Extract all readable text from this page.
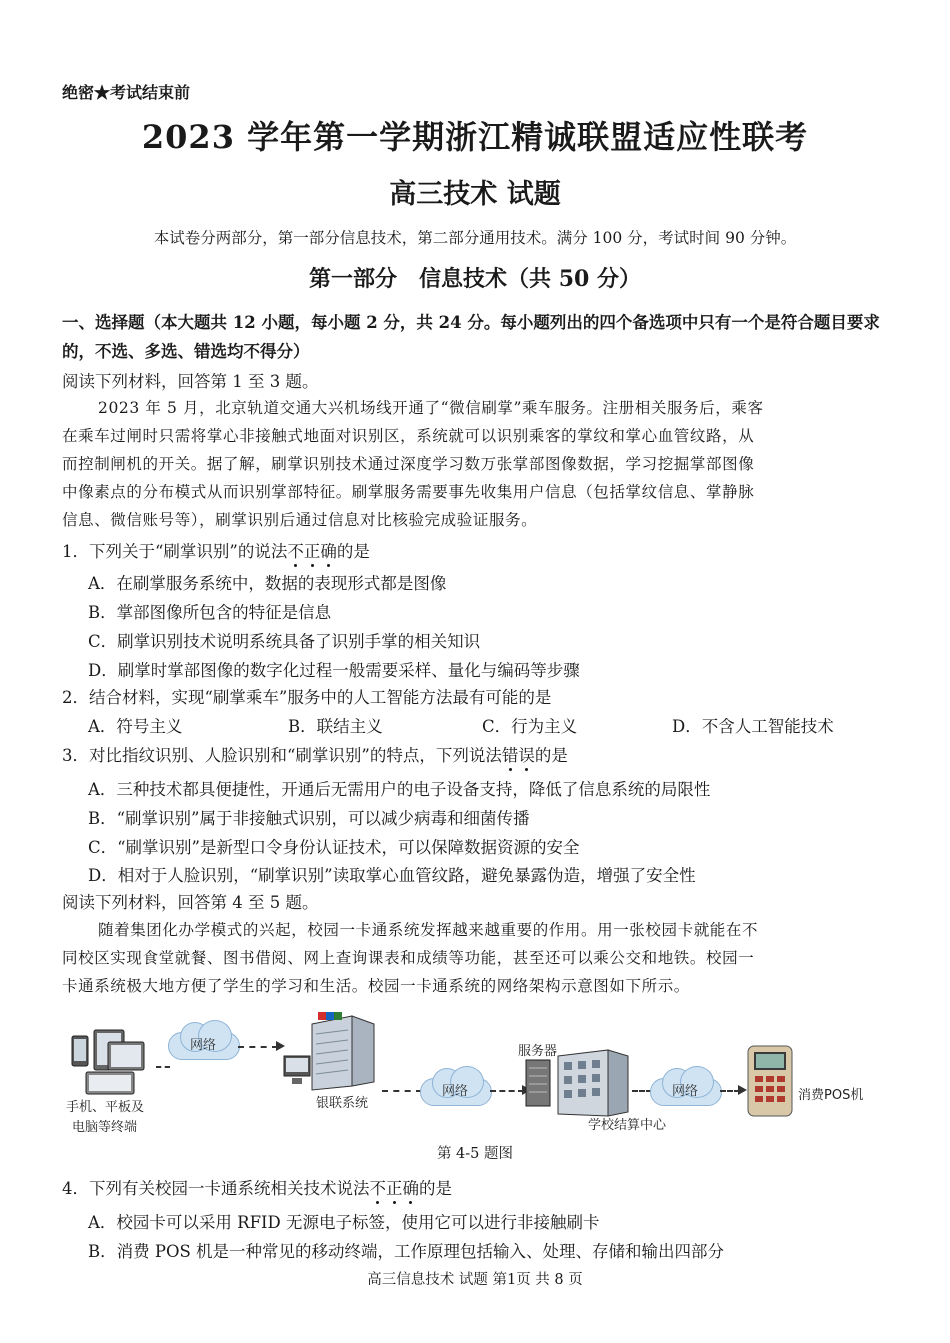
绝密★考试结束前
2023 学年第一学期浙江精诚联盟适应性联考
高三技术 试题
本试卷分两部分，第一部分信息技术，第二部分通用技术。满分 100 分，考试时间 90 分钟。
第一部分　信息技术（共 50 分）
一、选择题（本大题共 12 小题，每小题 2 分，共 24 分。每小题列出的四个备选项中只有一个是符合题目要求的，不选、多选、错选均不得分）
阅读下列材料，回答第 1 至 3 题。
2023 年 5 月，北京轨道交通大兴机场线开通了“微信刷掌”乘车服务。注册相关服务后，乘客
在乘车过闸时只需将掌心非接触式地面对识别区，系统就可以识别乘客的掌纹和掌心血管纹路，从
而控制闸机的开关。据了解，刷掌识别技术通过深度学习数万张掌部图像数据，学习挖掘掌部图像
中像素点的分布模式从而识别掌部特征。刷掌服务需要事先收集用户信息（包括掌纹信息、掌静脉
信息、微信账号等），刷掌识别后通过信息对比核验完成验证服务。
1．下列关于“刷掌识别”的说法不正确的是
A．在刷掌服务系统中，数据的表现形式都是图像
B．掌部图像所包含的特征是信息
C．刷掌识别技术说明系统具备了识别手掌的相关知识
D．刷掌时掌部图像的数字化过程一般需要采样、量化与编码等步骤
2．结合材料，实现“刷掌乘车”服务中的人工智能方法最有可能的是
A．符号主义	B．联结主义	C．行为主义	D．不含人工智能技术
3．对比指纹识别、人脸识别和“刷掌识别”的特点，下列说法错误的是
A．三种技术都具便捷性，开通后无需用户的电子设备支持，降低了信息系统的局限性
B．“刷掌识别”属于非接触式识别，可以减少病毒和细菌传播
C．“刷掌识别”是新型口令身份认证技术，可以保障数据资源的安全
D．相对于人脸识别，“刷掌识别”读取掌心血管纹路，避免暴露伪造，增强了安全性
阅读下列材料，回答第 4 至 5 题。
随着集团化办学模式的兴起，校园一卡通系统发挥越来越重要的作用。用一张校园卡就能在不
同校区实现食堂就餐、图书借阅、网上查询课表和成绩等功能，甚至还可以乘公交和地铁。校园一
卡通系统极大地方便了学生的学习和生活。校园一卡通系统的网络架构示意图如下所示。
手机、平板及
电脑等终端
网络
银联系统
网络
服务器
学校结算中心
网络	消费POS机
第 4-5 题图
4．下列有关校园一卡通系统相关技术说法不正确的是
A．校园卡可以采用 RFID 无源电子标签，使用它可以进行非接触刷卡
B．消费 POS 机是一种常见的移动终端，工作原理包括输入、处理、存储和输出四部分
高三信息技术 试题 第1页 共 8 页
